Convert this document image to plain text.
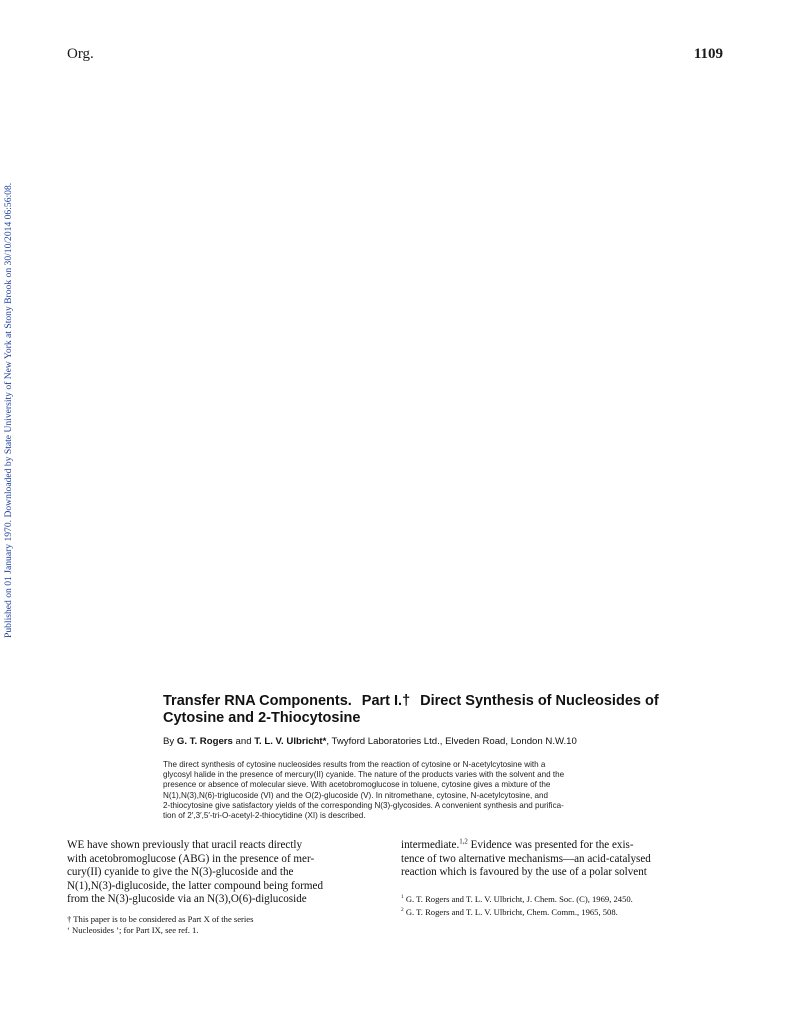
Org.	1109
Published on 01 January 1970. Downloaded by State University of New York at Stony Brook on 30/10/2014 06:56:08.
Transfer RNA Components. Part I.† Direct Synthesis of Nucleosides of
Cytosine and 2-Thiocytosine
By G. T. Rogers and T. L. V. Ulbricht*, Twyford Laboratories Ltd., Elveden Road, London N.W.10
The direct synthesis of cytosine nucleosides results from the reaction of cytosine or N-acetylcytosine with a
glycosyl halide in the presence of mercury(II) cyanide. The nature of the products varies with the solvent and the
presence or absence of molecular sieve. With acetobromoglucose in toluene, cytosine gives a mixture of the
N(1),N(3),N(6)-triglucoside (VI) and the O(2)-glucoside (V). In nitromethane, cytosine, N-acetylcytosine, and
2-thiocytosine give satisfactory yields of the corresponding N(3)-glycosides. A convenient synthesis and purifica-
tion of 2′,3′,5′-tri-O-acetyl-2-thiocytidine (XI) is described.
WE have shown previously that uracil reacts directly
with acetobromoglucose (ABG) in the presence of mer-
cury(II) cyanide to give the N(3)-glucoside and the
N(1),N(3)-diglucoside, the latter compound being formed
from the N(3)-glucoside via an N(3),O(6)-diglucoside
intermediate.$^{1,2}$ Evidence was presented for the exis-
tence of two alternative mechanisms—an acid-catalysed
reaction which is favoured by the use of a polar solvent
† This paper is to be considered as Part X of the series
‘ Nucleosides ’; for Part IX, see ref. 1.

$^1$ G. T. Rogers and T. L. V. Ulbricht, J. Chem. Soc. (C), 1969, 2450.

$^2$ G. T. Rogers and T. L. V. Ulbricht, Chem. Comm., 1965, 508.
